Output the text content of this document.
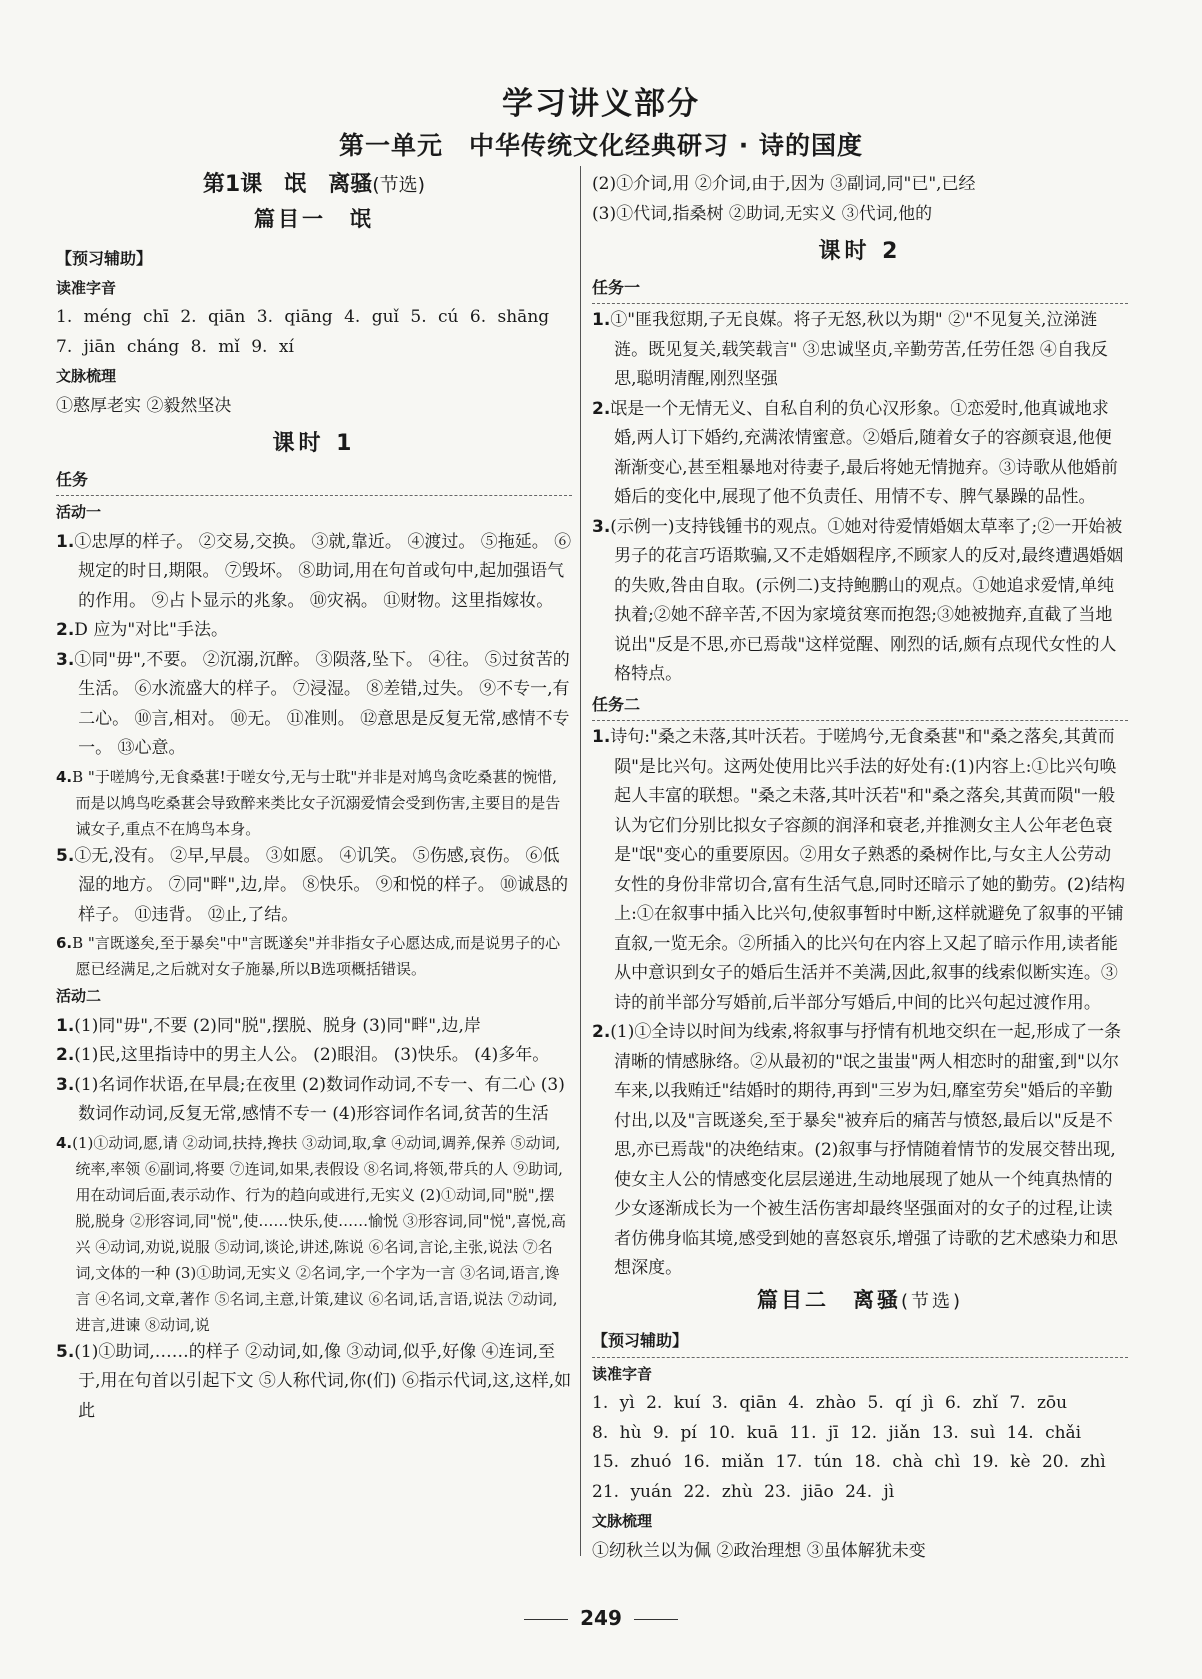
学习讲义部分
第一单元　中华传统文化经典研习 · 诗的国度
第1课　氓　离骚(节选)
篇目一　氓
【预习辅助】
读准字音

1. méng chī 2. qiān 3. qiāng 4. guǐ 5. cú 6. shāng

7. jiān cháng 8. mǐ 9. xí

文脉梳理

①憨厚老实 ②毅然坚决

课时 1
任务
活动一

1.①忠厚的样子。 ②交易,交换。 ③就,靠近。 ④渡过。 ⑤拖延。 ⑥规定的时日,期限。 ⑦毁坏。 ⑧助词,用在句首或句中,起加强语气的作用。 ⑨占卜显示的兆象。 ⑩灾祸。 ⑪财物。这里指嫁妆。

2.D 应为"对比"手法。

3.①同"毋",不要。 ②沉溺,沉醉。 ③陨落,坠下。 ④往。 ⑤过贫苦的生活。 ⑥水流盛大的样子。 ⑦浸湿。 ⑧差错,过失。 ⑨不专一,有二心。 ⑩言,相对。 ⑩无。 ⑪准则。 ⑫意思是反复无常,感情不专一。 ⑬心意。

4.B "于嗟鸠兮,无食桑葚!于嗟女兮,无与士耽"并非是对鸠鸟贪吃桑葚的惋惜,而是以鸠鸟吃桑葚会导致醉来类比女子沉溺爱情会受到伤害,主要目的是告诫女子,重点不在鸠鸟本身。

5.①无,没有。 ②早,早晨。 ③如愿。 ④讥笑。 ⑤伤感,哀伤。 ⑥低湿的地方。 ⑦同"畔",边,岸。 ⑧快乐。 ⑨和悦的样子。 ⑩诚恳的样子。 ⑪违背。 ⑫止,了结。

6.B "言既遂矣,至于暴矣"中"言既遂矣"并非指女子心愿达成,而是说男子的心愿已经满足,之后就对女子施暴,所以B选项概括错误。

活动二

1.(1)同"毋",不要 (2)同"脱",摆脱、脱身 (3)同"畔",边,岸

2.(1)民,这里指诗中的男主人公。 (2)眼泪。 (3)快乐。 (4)多年。

3.(1)名词作状语,在早晨;在夜里 (2)数词作动词,不专一、有二心 (3)数词作动词,反复无常,感情不专一 (4)形容词作名词,贫苦的生活

4.(1)①动词,愿,请 ②动词,扶持,搀扶 ③动词,取,拿 ④动词,调养,保养 ⑤动词,统率,率领 ⑥副词,将要 ⑦连词,如果,表假设 ⑧名词,将领,带兵的人 ⑨助词,用在动词后面,表示动作、行为的趋向或进行,无实义 (2)①动词,同"脱",摆脱,脱身 ②形容词,同"悦",使……快乐,使……愉悦 ③形容词,同"悦",喜悦,高兴 ④动词,劝说,说服 ⑤动词,谈论,讲述,陈说 ⑥名词,言论,主张,说法 ⑦名词,文体的一种 (3)①助词,无实义 ②名词,字,一个字为一言 ③名词,语言,谗言 ④名词,文章,著作 ⑤名词,主意,计策,建议 ⑥名词,话,言语,说法 ⑦动词,进言,进谏 ⑧动词,说

5.(1)①助词,……的样子 ②动词,如,像 ③动词,似乎,好像 ④连词,至于,用在句首以引起下文 ⑤人称代词,你(们) ⑥指示代词,这,这样,如此

(2)①介词,用 ②介词,由于,因为 ③副词,同"已",已经

(3)①代词,指桑树 ②助词,无实义 ③代词,他的

课时 2
任务一

1.①"匪我愆期,子无良媒。将子无怒,秋以为期" ②"不见复关,泣涕涟涟。既见复关,载笑载言" ③忠诚坚贞,辛勤劳苦,任劳任怨 ④自我反思,聪明清醒,刚烈坚强

2.氓是一个无情无义、自私自利的负心汉形象。①恋爱时,他真诚地求婚,两人订下婚约,充满浓情蜜意。②婚后,随着女子的容颜衰退,他便渐渐变心,甚至粗暴地对待妻子,最后将她无情抛弃。③诗歌从他婚前婚后的变化中,展现了他不负责任、用情不专、脾气暴躁的品性。

3.(示例一)支持钱锺书的观点。①她对待爱情婚姻太草率了;②一开始被男子的花言巧语欺骗,又不走婚姻程序,不顾家人的反对,最终遭遇婚姻的失败,咎由自取。(示例二)支持鲍鹏山的观点。①她追求爱情,单纯执着;②她不辞辛苦,不因为家境贫寒而抱怨;③她被抛弃,直截了当地说出"反是不思,亦已焉哉"这样觉醒、刚烈的话,颇有点现代女性的人格特点。

任务二

1.诗句:"桑之未落,其叶沃若。于嗟鸠兮,无食桑葚"和"桑之落矣,其黄而陨"是比兴句。这两处使用比兴手法的好处有:(1)内容上:①比兴句唤起人丰富的联想。"桑之未落,其叶沃若"和"桑之落矣,其黄而陨"一般认为它们分别比拟女子容颜的润泽和衰老,并推测女主人公年老色衰是"氓"变心的重要原因。②用女子熟悉的桑树作比,与女主人公劳动女性的身份非常切合,富有生活气息,同时还暗示了她的勤劳。(2)结构上:①在叙事中插入比兴句,使叙事暂时中断,这样就避免了叙事的平铺直叙,一览无余。②所插入的比兴句在内容上又起了暗示作用,读者能从中意识到女子的婚后生活并不美满,因此,叙事的线索似断实连。③诗的前半部分写婚前,后半部分写婚后,中间的比兴句起过渡作用。

2.(1)①全诗以时间为线索,将叙事与抒情有机地交织在一起,形成了一条清晰的情感脉络。②从最初的"氓之蚩蚩"两人相恋时的甜蜜,到"以尔车来,以我贿迁"结婚时的期待,再到"三岁为妇,靡室劳矣"婚后的辛勤付出,以及"言既遂矣,至于暴矣"被弃后的痛苦与愤怒,最后以"反是不思,亦已焉哉"的决绝结束。(2)叙事与抒情随着情节的发展交替出现,使女主人公的情感变化层层递进,生动地展现了她从一个纯真热情的少女逐渐成长为一个被生活伤害却最终坚强面对的女子的过程,让读者仿佛身临其境,感受到她的喜怒哀乐,增强了诗歌的艺术感染力和思想深度。

篇目二　离骚(节选)
【预习辅助】
读准字音

1. yì 2. kuí 3. qiān 4. zhào 5. qí jì 6. zhǐ 7. zōu

8. hù 9. pí 10. kuā 11. jī 12. jiǎn 13. suì 14. chǎi

15. zhuó 16. miǎn 17. tún 18. chà chì 19. kè 20. zhì

21. yuán 22. zhù 23. jiāo 24. jì

文脉梳理

①纫秋兰以为佩 ②政治理想 ③虽体解犹未变

249
